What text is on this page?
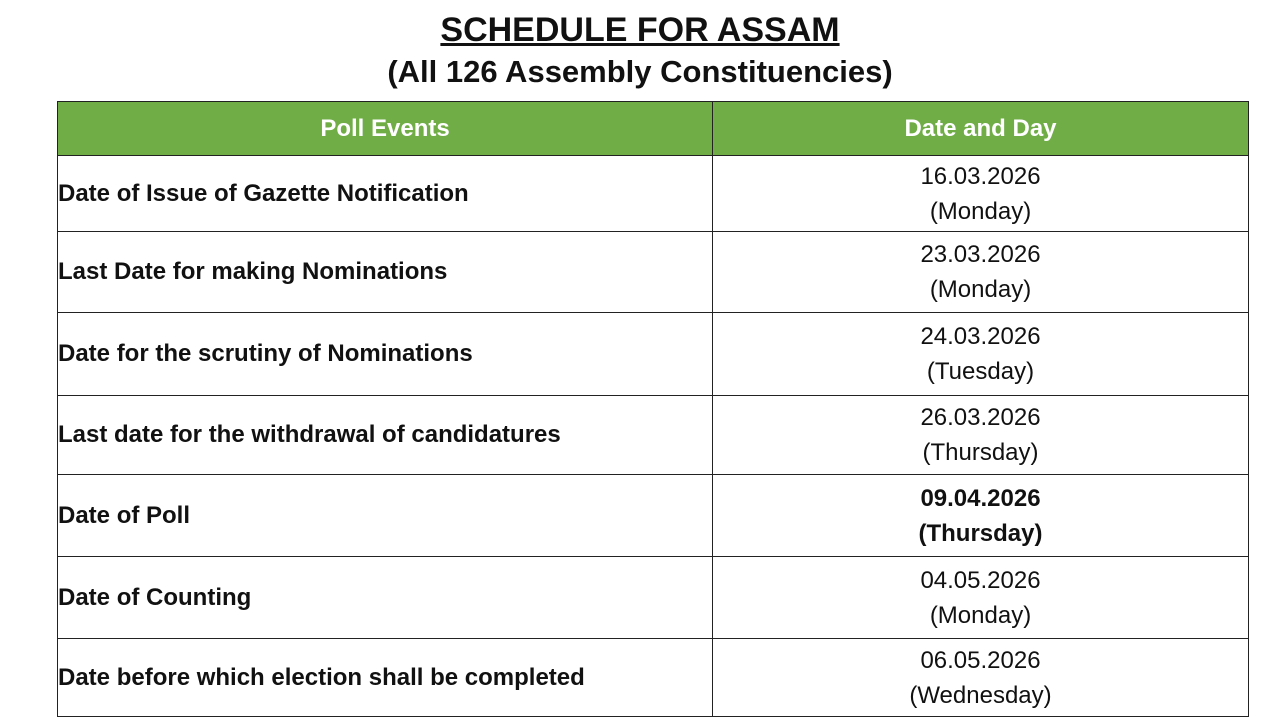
SCHEDULE FOR ASSAM
(All 126 Assembly Constituencies)
Poll Events	Date and Day
Date of Issue of Gazette Notification	16.03.2026
(Monday)

Last Date for making Nominations	23.03.2026
(Monday)

Date for the scrutiny of Nominations	24.03.2026
(Tuesday)

Last date for the withdrawal of candidatures	26.03.2026
(Thursday)

Date of Poll	09.04.2026
(Thursday)

Date of Counting	04.05.2026
(Monday)

Date before which election shall be completed	06.05.2026
(Wednesday)
